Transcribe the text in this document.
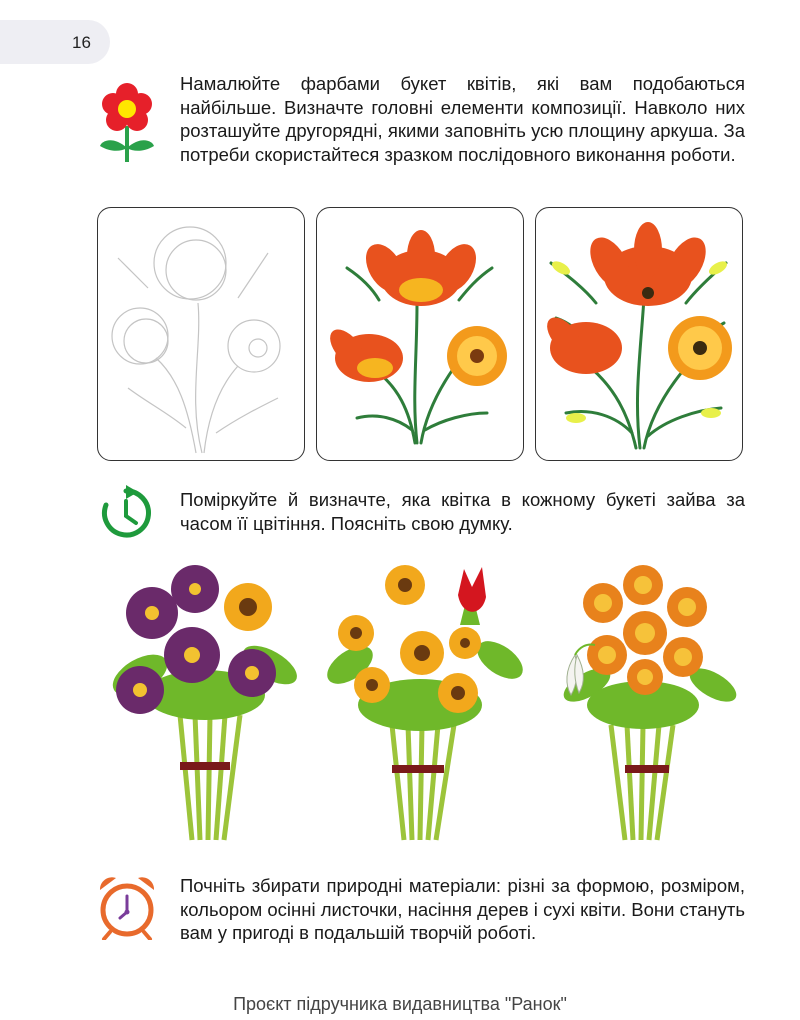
16
Намалюйте фарбами букет квітів, які вам подобаються найбільше. Визначте головні елементи композиції. Навколо них розташуйте другорядні, якими заповніть усю площину аркуша. За потреби скористайтеся зразком послідовного виконання роботи.
Поміркуйте й визначте, яка квітка в кожному букеті зайва за часом її цвітіння. Поясніть свою думку.
Почніть збирати природні матеріали: різні за формою, розміром, кольором осінні листочки, насіння дерев і сухі квіти. Вони стануть вам у пригоді в подальшій творчій роботі.
Проєкт підручника видавництва "Ранок"
